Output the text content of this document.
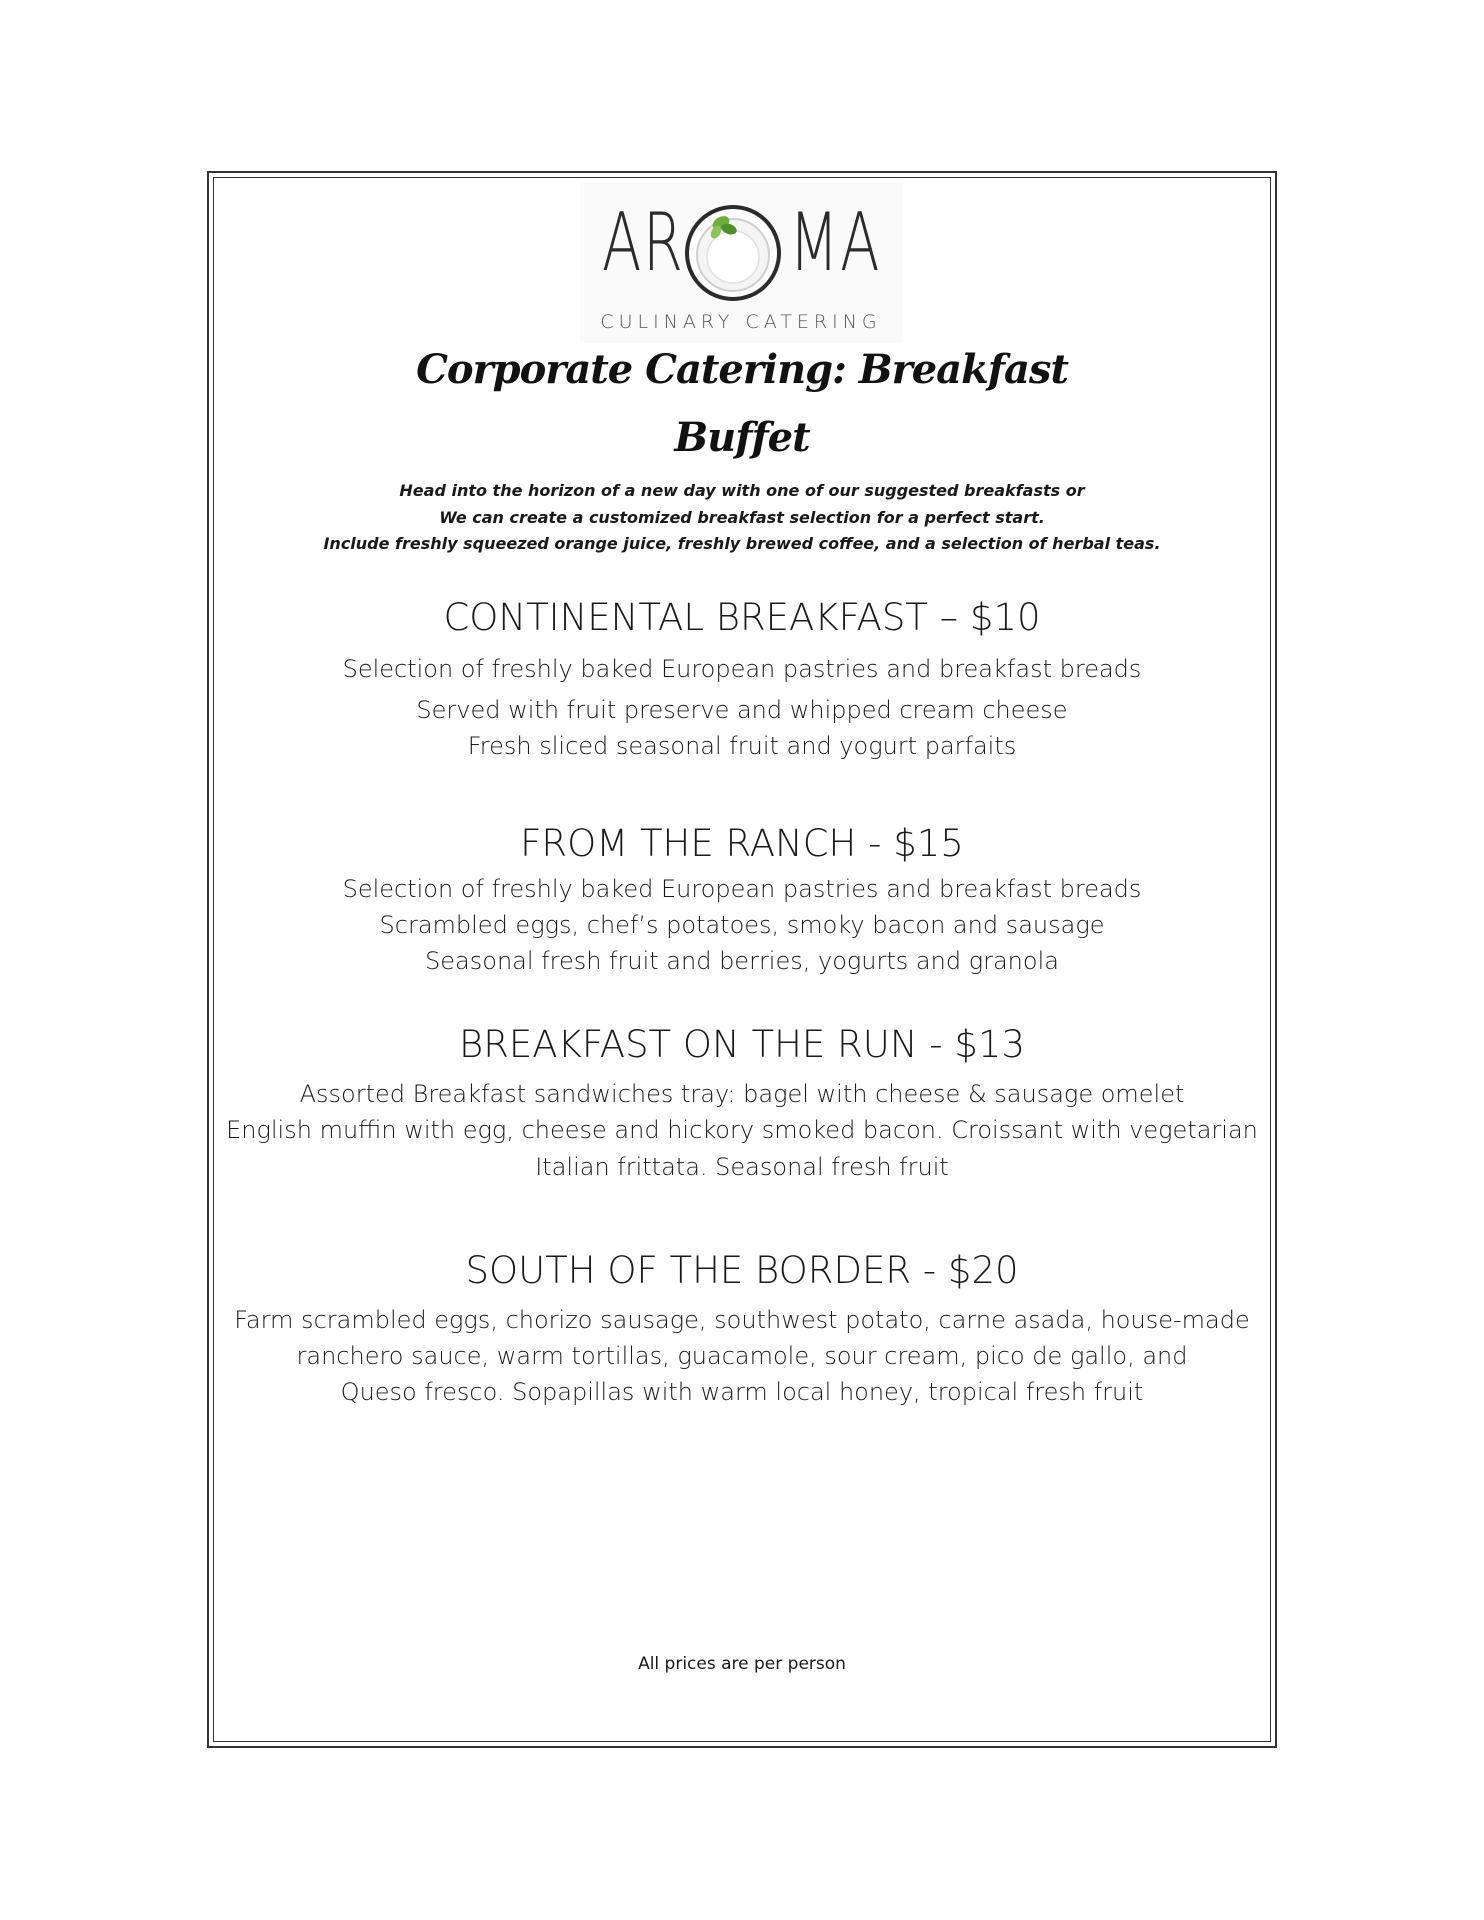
AR MA
CULINARY CATERING
Corporate Catering: Breakfast
Buffet
Head into the horizon of a new day with one of our suggested breakfasts or
We can create a customized breakfast selection for a perfect start.
Include freshly squeezed orange juice, freshly brewed coffee, and a selection of herbal teas.
CONTINENTAL BREAKFAST – $10
Selection of freshly baked European pastries and breakfast breads
Served with fruit preserve and whipped cream cheese
Fresh sliced seasonal fruit and yogurt parfaits
FROM THE RANCH - $15
Selection of freshly baked European pastries and breakfast breads
Scrambled eggs, chef’s potatoes, smoky bacon and sausage
Seasonal fresh fruit and berries, yogurts and granola
BREAKFAST ON THE RUN - $13
Assorted Breakfast sandwiches tray: bagel with cheese & sausage omelet
English muffin with egg, cheese and hickory smoked bacon. Croissant with vegetarian
Italian frittata. Seasonal fresh fruit
SOUTH OF THE BORDER - $20
Farm scrambled eggs, chorizo sausage, southwest potato, carne asada, house-made
ranchero sauce, warm tortillas, guacamole, sour cream, pico de gallo, and
Queso fresco. Sopapillas with warm local honey, tropical fresh fruit
All prices are per person
